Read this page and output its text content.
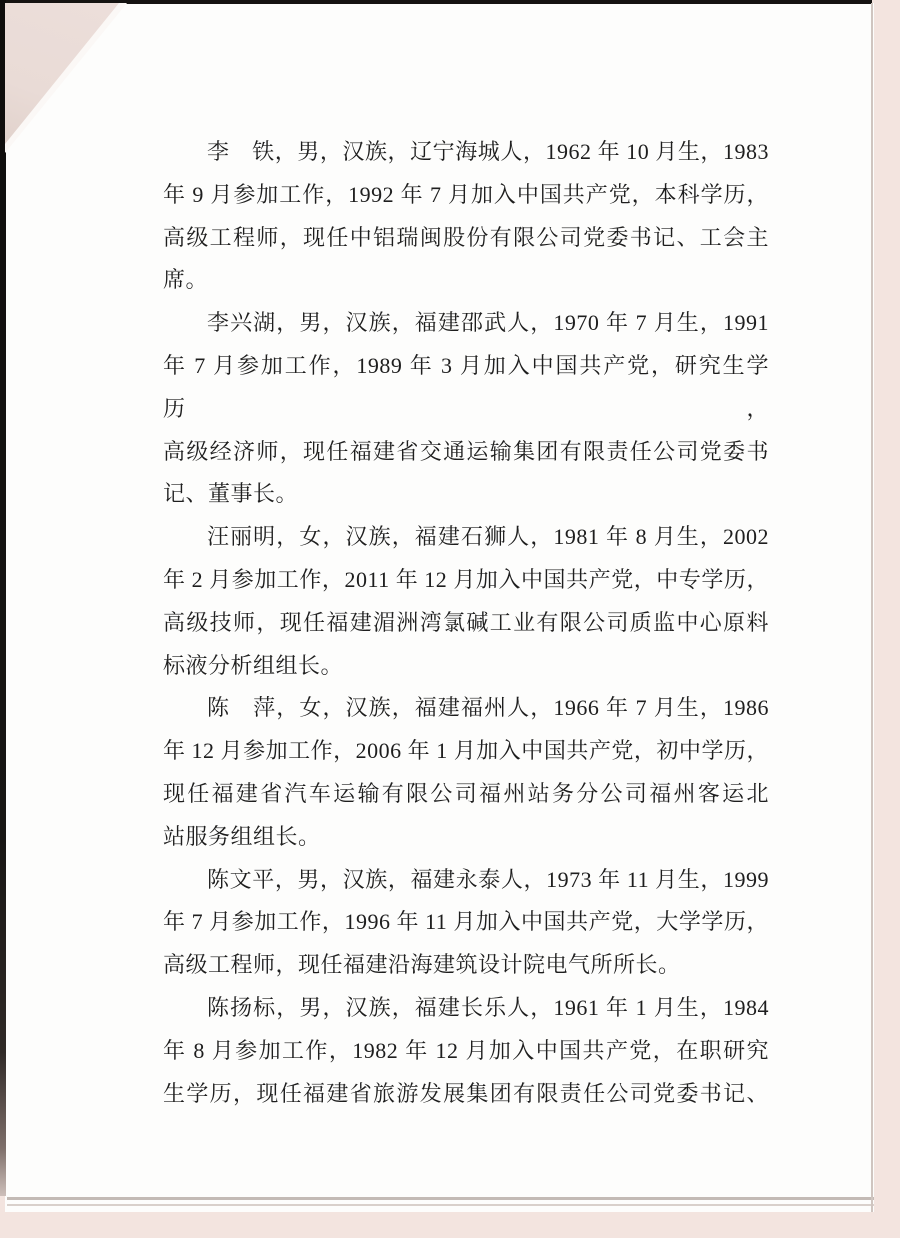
李　铁，男，汉族，辽宁海城人，1962 年 10 月生，1983
年 9 月参加工作，1992 年 7 月加入中国共产党，本科学历，
高级工程师，现任中铝瑞闽股份有限公司党委书记、工会主
席。
李兴湖，男，汉族，福建邵武人，1970 年 7 月生，1991
年 7 月参加工作，1989 年 3 月加入中国共产党，研究生学历，
高级经济师，现任福建省交通运输集团有限责任公司党委书
记、董事长。
汪丽明，女，汉族，福建石狮人，1981 年 8 月生，2002
年 2 月参加工作，2011 年 12 月加入中国共产党，中专学历，
高级技师，现任福建湄洲湾氯碱工业有限公司质监中心原料
标液分析组组长。
陈　萍，女，汉族，福建福州人，1966 年 7 月生，1986
年 12 月参加工作，2006 年 1 月加入中国共产党，初中学历，
现任福建省汽车运输有限公司福州站务分公司福州客运北
站服务组组长。
陈文平，男，汉族，福建永泰人，1973 年 11 月生，1999
年 7 月参加工作，1996 年 11 月加入中国共产党，大学学历，
高级工程师，现任福建沿海建筑设计院电气所所长。
陈扬标，男，汉族，福建长乐人，1961 年 1 月生，1984
年 8 月参加工作，1982 年 12 月加入中国共产党，在职研究
生学历，现任福建省旅游发展集团有限责任公司党委书记、
